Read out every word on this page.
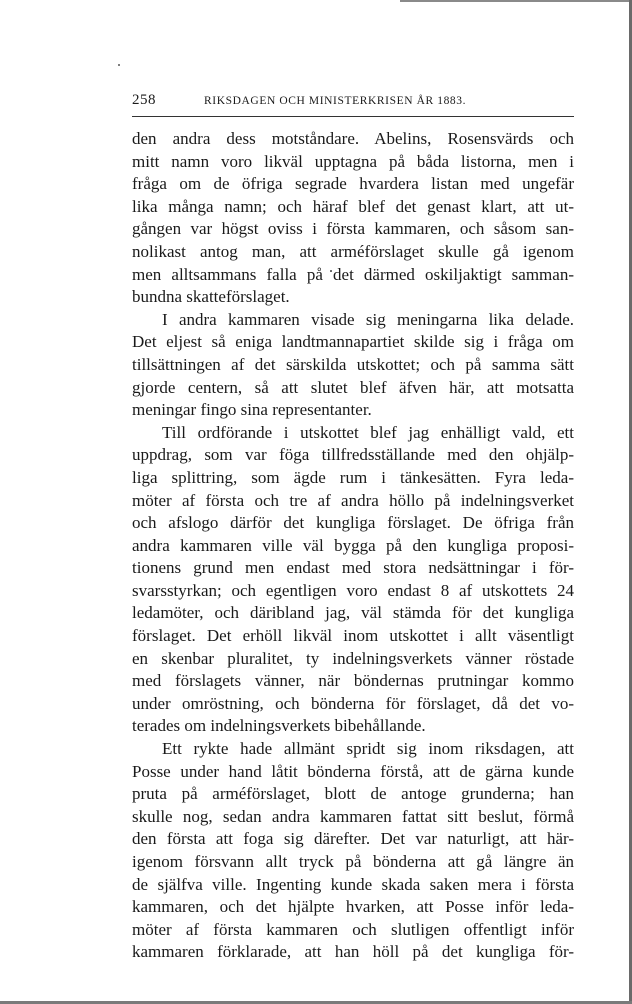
258	RIKSDAGEN OCH MINISTERKRISEN ÅR 1883.
den andra dess motståndare. Abelins, Rosensvärds och
mitt namn voro likväl upptagna på båda listorna, men i
fråga om de öfriga segrade hvardera listan med ungefär
lika många namn; och häraf blef det genast klart, att ut-
gången var högst oviss i första kammaren, och såsom san-
nolikast antog man, att arméförslaget skulle gå igenom
men alltsammans falla på det därmed oskiljaktigt samman-
bundna skatteförslaget.
I andra kammaren visade sig meningarna lika delade.
Det eljest så eniga landtmannapartiet skilde sig i fråga om
tillsättningen af det särskilda utskottet; och på samma sätt
gjorde centern, så att slutet blef äfven här, att motsatta
meningar fingo sina representanter.
Till ordförande i utskottet blef jag enhälligt vald, ett
uppdrag, som var föga tillfredsställande med den ohjälp-
liga splittring, som ägde rum i tänkesätten. Fyra leda-
möter af första och tre af andra höllo på indelningsverket
och afslogo därför det kungliga förslaget. De öfriga från
andra kammaren ville väl bygga på den kungliga proposi-
tionens grund men endast med stora nedsättningar i för-
svarsstyrkan; och egentligen voro endast 8 af utskottets 24
ledamöter, och däribland jag, väl stämda för det kungliga
förslaget. Det erhöll likväl inom utskottet i allt väsentligt
en skenbar pluralitet, ty indelningsverkets vänner röstade
med förslagets vänner, när böndernas prutningar kommo
under omröstning, och bönderna för förslaget, då det vo-
terades om indelningsverkets bibehållande.
Ett rykte hade allmänt spridt sig inom riksdagen, att
Posse under hand låtit bönderna förstå, att de gärna kunde
pruta på arméförslaget, blott de antoge grunderna; han
skulle nog, sedan andra kammaren fattat sitt beslut, förmå
den första att foga sig därefter. Det var naturligt, att här-
igenom försvann allt tryck på bönderna att gå längre än
de själfva ville. Ingenting kunde skada saken mera i första
kammaren, och det hjälpte hvarken, att Posse inför leda-
möter af första kammaren och slutligen offentligt inför
kammaren förklarade, att han höll på det kungliga för-
